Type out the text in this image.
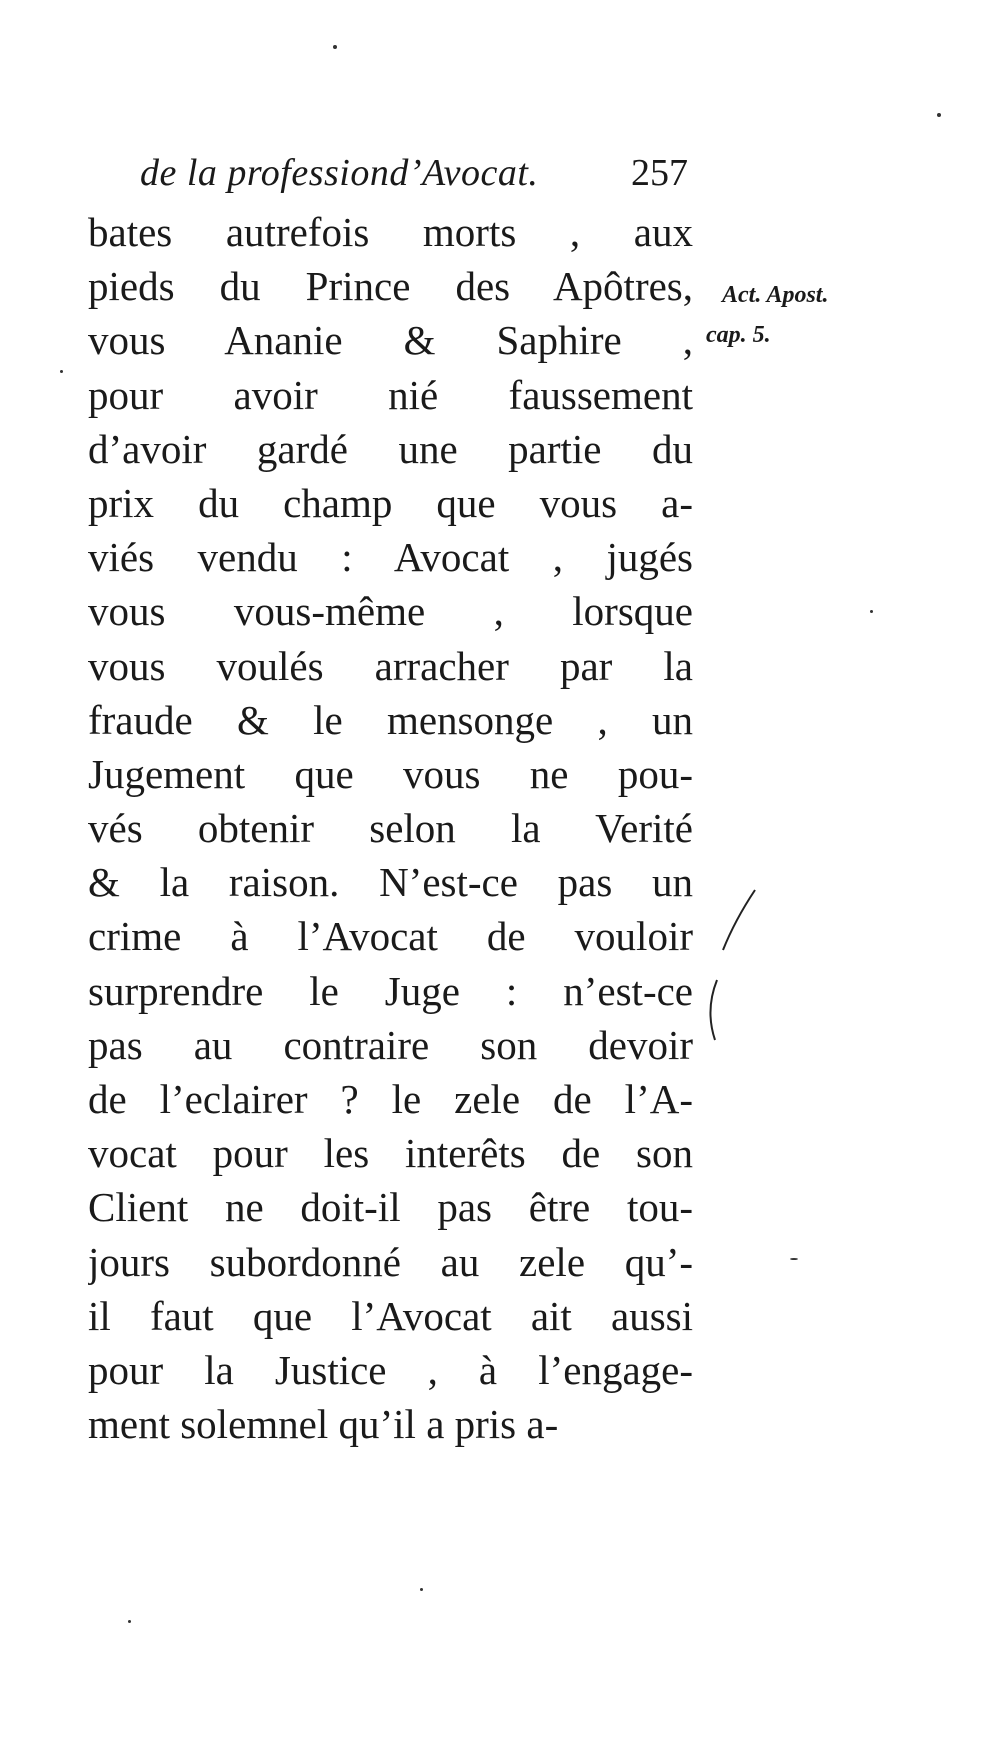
de la professiond’Avocat. 257
bates autrefois morts , aux
pieds du Prince des Apôtres,
vous Ananie & Saphire ,
pour avoir nié faussement
d’avoir gardé une partie du
prix du champ que vous a-
viés vendu : Avocat , jugés
vous vous-même , lorsque
vous voulés arracher par la
fraude & le mensonge , un
Jugement que vous ne pou-
vés obtenir selon la Verité
& la raison. N’est-ce pas un
crime à l’Avocat de vouloir
surprendre le Juge : n’est-ce
pas au contraire son devoir
de l’eclairer ? le zele de l’A-
vocat pour les interêts de son
Client ne doit-il pas être tou-
jours subordonné au zele qu’-
il faut que l’Avocat ait aussi
pour la Justice , à l’engage-
ment solemnel qu’il a pris a-
Act. Apost.
cap. 5.
